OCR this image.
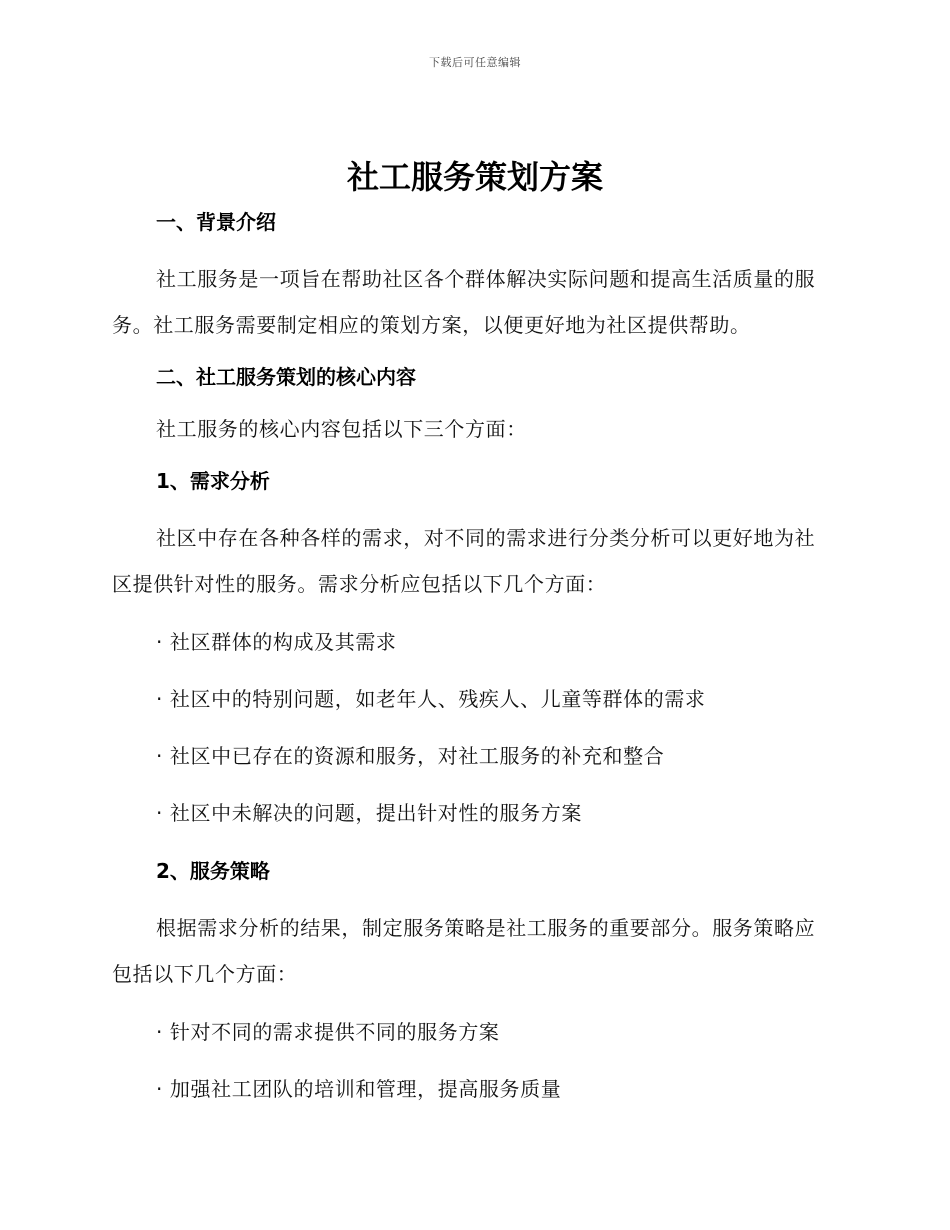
下载后可任意编辑
社工服务策划方案

一、背景介绍

社工服务是一项旨在帮助社区各个群体解决实际问题和提高生活质量的服务。社工服务需要制定相应的策划方案，以便更好地为社区提供帮助。

二、社工服务策划的核心内容

社工服务的核心内容包括以下三个方面：

1、需求分析

社区中存在各种各样的需求，对不同的需求进行分类分析可以更好地为社区提供针对性的服务。需求分析应包括以下几个方面：

· 社区群体的构成及其需求

· 社区中的特别问题，如老年人、残疾人、儿童等群体的需求

· 社区中已存在的资源和服务，对社工服务的补充和整合

· 社区中未解决的问题，提出针对性的服务方案

2、服务策略

根据需求分析的结果，制定服务策略是社工服务的重要部分。服务策略应包括以下几个方面：

· 针对不同的需求提供不同的服务方案

· 加强社工团队的培训和管理，提高服务质量
